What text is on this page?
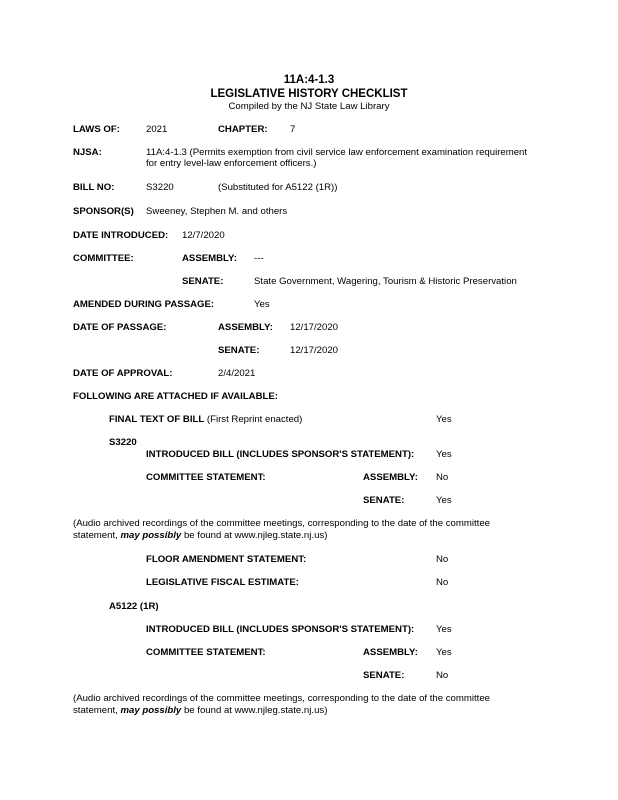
11A:4-1.3
LEGISLATIVE HISTORY CHECKLIST
Compiled by the NJ State Law Library
LAWS OF:	2021	CHAPTER: 7
NJSA:	11A:4-1.3 (Permits exemption from civil service law enforcement examination requirement
for entry level-law enforcement officers.)
BILL NO:	S3220	(Substituted for A5122 (1R))
SPONSOR(S) Sweeney, Stephen M. and others
DATE INTRODUCED: 12/7/2020
COMMITTEE:	ASSEMBLY: ---
SENATE:	State Government, Wagering, Tourism & Historic Preservation
AMENDED DURING PASSAGE:	Yes
DATE OF PASSAGE:	ASSEMBLY: 12/17/2020
SENATE:	12/17/2020
DATE OF APPROVAL:	2/4/2021
FOLLOWING ARE ATTACHED IF AVAILABLE:
FINAL TEXT OF BILL (First Reprint enacted)	Yes
S3220
INTRODUCED BILL (INCLUDES SPONSOR'S STATEMENT): Yes
COMMITTEE STATEMENT:	ASSEMBLY: No
SENATE:	Yes
(Audio archived recordings of the committee meetings, corresponding to the date of the committee
statement, may possibly be found at www.njleg.state.nj.us)
FLOOR AMENDMENT STATEMENT:	No
LEGISLATIVE FISCAL ESTIMATE:	No
A5122 (1R)
INTRODUCED BILL (INCLUDES SPONSOR'S STATEMENT): Yes
COMMITTEE STATEMENT:	ASSEMBLY: Yes
SENATE:	No
(Audio archived recordings of the committee meetings, corresponding to the date of the committee
statement, may possibly be found at www.njleg.state.nj.us)
